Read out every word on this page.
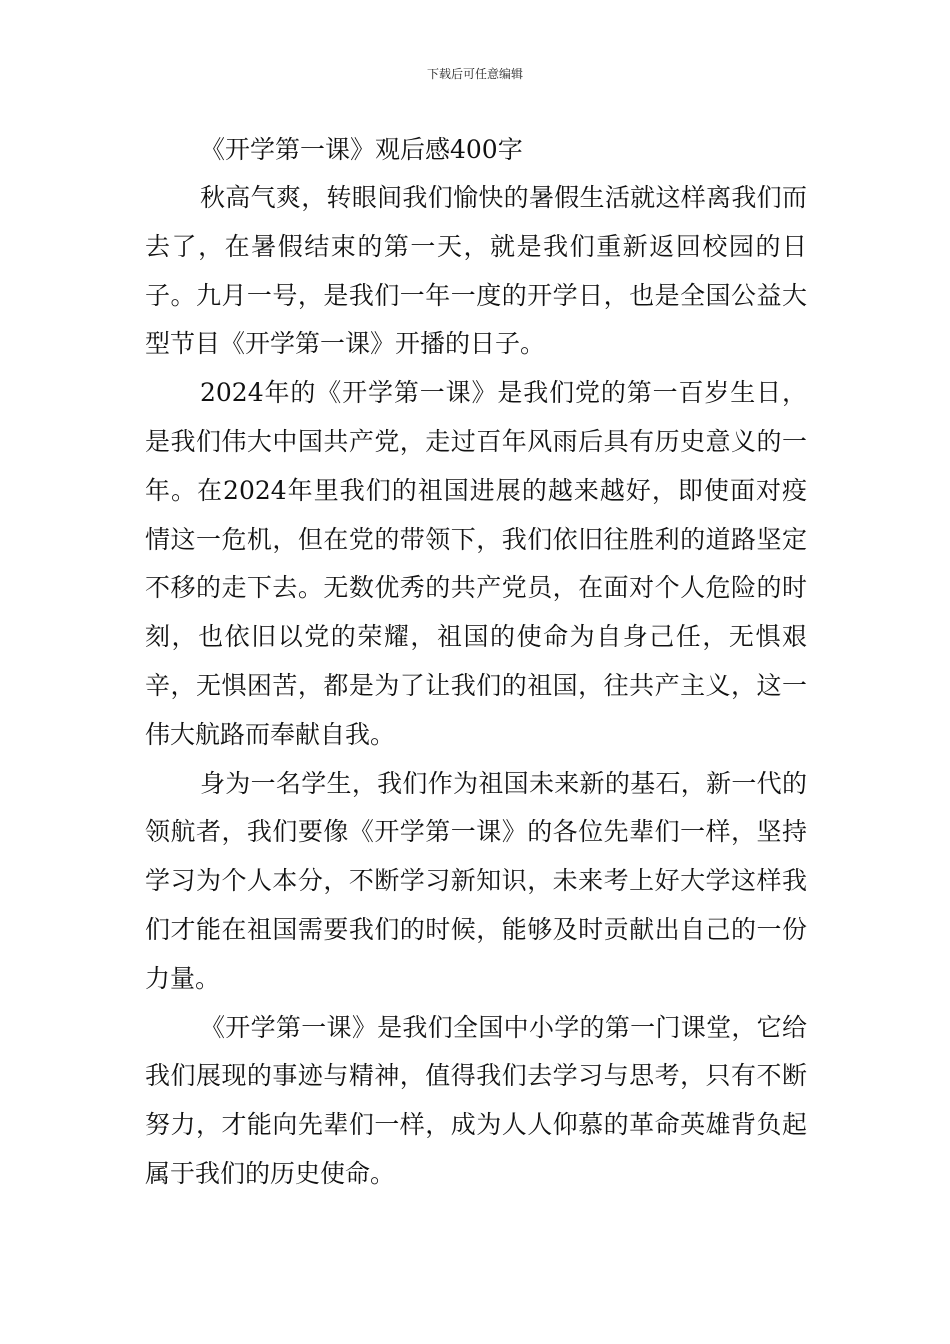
下载后可任意编辑
《开学第一课》观后感400字

秋高气爽，转眼间我们愉快的暑假生活就这样离我们而去了，在暑假结束的第一天，就是我们重新返回校园的日子。九月一号，是我们一年一度的开学日，也是全国公益大型节目《开学第一课》开播的日子。

2024年的《开学第一课》是我们党的第一百岁生日，是我们伟大中国共产党，走过百年风雨后具有历史意义的一年。在2024年里我们的祖国进展的越来越好，即使面对疫情这一危机，但在党的带领下，我们依旧往胜利的道路坚定不移的走下去。无数优秀的共产党员，在面对个人危险的时刻，也依旧以党的荣耀，祖国的使命为自身己任，无惧艰辛，无惧困苦，都是为了让我们的祖国，往共产主义，这一伟大航路而奉献自我。

身为一名学生，我们作为祖国未来新的基石，新一代的领航者，我们要像《开学第一课》的各位先辈们一样，坚持学习为个人本分，不断学习新知识，未来考上好大学这样我们才能在祖国需要我们的时候，能够及时贡献出自己的一份力量。

《开学第一课》是我们全国中小学的第一门课堂，它给我们展现的事迹与精神，值得我们去学习与思考，只有不断努力，才能向先辈们一样，成为人人仰慕的革命英雄背负起属于我们的历史使命。
